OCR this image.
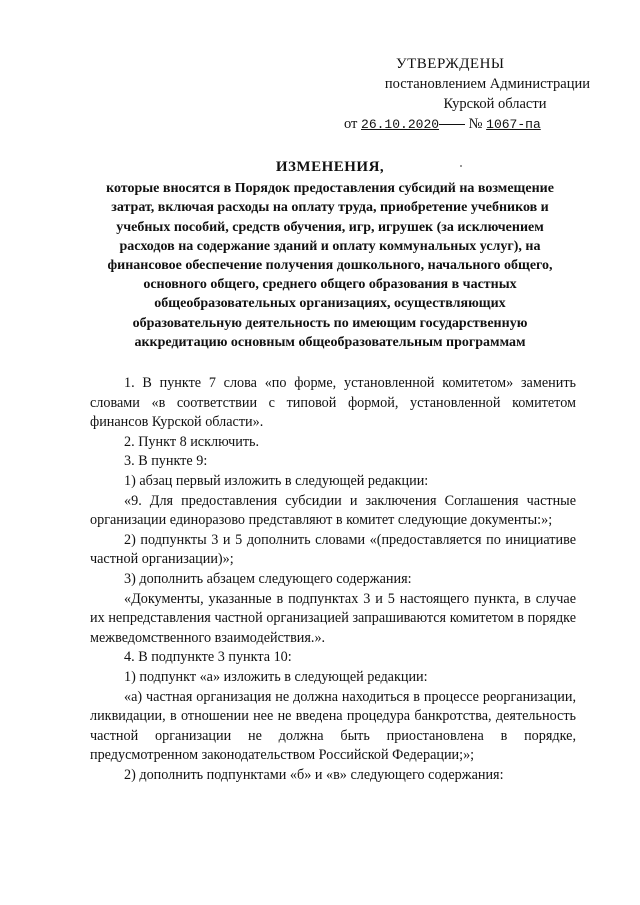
УТВЕРЖДЕНЫ
постановлением Администрации
Курской области
от 26.10.2020 № 1067-па
ИЗМЕНЕНИЯ,
которые вносятся в Порядок предоставления субсидий на возмещение
затрат, включая расходы на оплату труда, приобретение учебников и
учебных пособий, средств обучения, игр, игрушек (за исключением
расходов на содержание зданий и оплату коммунальных услуг), на
финансовое обеспечение получения дошкольного, начального общего,
основного общего, среднего общего образования в частных
общеобразовательных организациях, осуществляющих
образовательную деятельность по имеющим государственную
аккредитацию основным общеобразовательным программам

1. В пункте 7 слова «по форме, установленной комитетом» заменить словами «в соответствии с типовой формой, установленной комитетом финансов Курской области».

2. Пункт 8 исключить.

3. В пункте 9:

1) абзац первый изложить в следующей редакции:

«9. Для предоставления субсидии и заключения Соглашения частные организации единоразово представляют в комитет следующие документы:»;

2) подпункты 3 и 5 дополнить словами «(предоставляется по инициативе частной организации)»;

3) дополнить абзацем следующего содержания:

«Документы, указанные в подпунктах 3 и 5 настоящего пункта, в случае их непредставления частной организацией запрашиваются комитетом в порядке межведомственного взаимодействия.».

4. В подпункте 3 пункта 10:

1) подпункт «а» изложить в следующей редакции:

«а) частная организация не должна находиться в процессе реорганизации, ликвидации, в отношении нее не введена процедура банкротства, деятельность частной организации не должна быть приостановлена в порядке, предусмотренном законодательством Российской Федерации;»;

2) дополнить подпунктами «б» и «в» следующего содержания:
